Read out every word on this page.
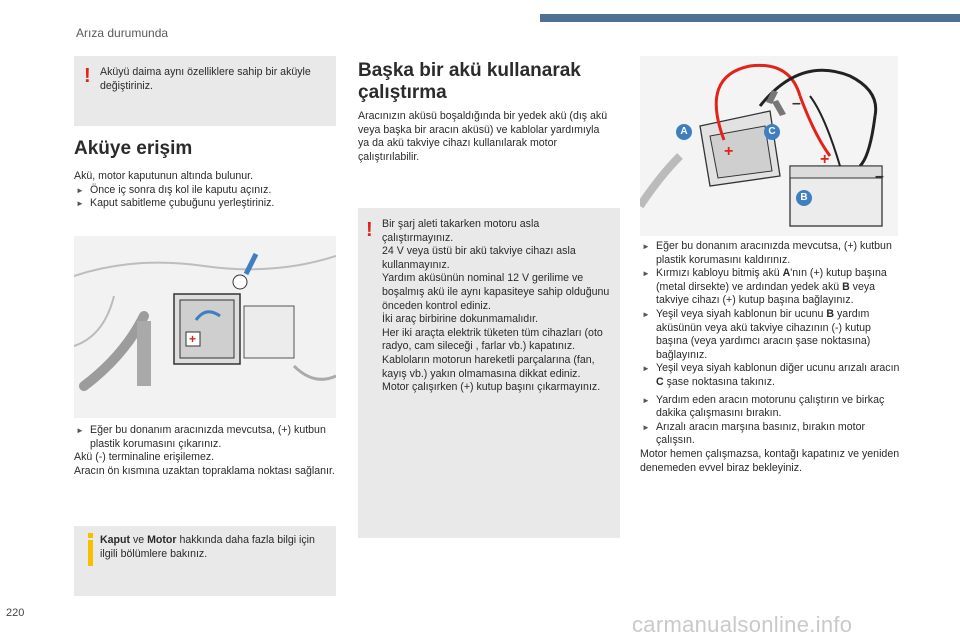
Arıza durumunda
! Aküyü daima aynı özelliklere sahip bir aküyle değiştiriniz.

Aküye erişim

Akü, motor kaputunun altında bulunur.

► Önce iç sonra dış kol ile kaputu açınız.
► Kaput sabitleme çubuğunu yerleştiriniz.
+
► Eğer bu donanım aracınızda mevcutsa, (+) kutbun plastik korumasını çıkarınız.

Akü (-) terminaline erişilemez.

Aracın ön kısmına uzaktan topraklama noktası sağlanır.

Kaput ve Motor hakkında daha fazla bilgi için ilgili bölümlere bakınız.

Başka bir akü kullanarak çalıştırma

Aracınızın aküsü boşaldığında bir yedek akü (dış akü veya başka bir aracın aküsü) ve kablolar yardımıyla ya da akü takviye cihazı kullanılarak motor çalıştırılabilir.

! Bir şarj aleti takarken motoru asla çalıştırmayınız.

24 V veya üstü bir akü takviye cihazı asla kullanmayınız.

Yardım aküsünün nominal 12 V gerilime ve boşalmış akü ile aynı kapasiteye sahip olduğunu önceden kontrol ediniz.

İki araç birbirine dokunmamalıdır.

Her iki araçta elektrik tüketen tüm cihazları (oto radyo, cam sileceği , farlar vb.) kapatınız.

Kabloların motorun hareketli parçalarına (fan, kayış vb.) yakın olmamasına dikkat ediniz.

Motor çalışırken (+) kutup başını çıkarmayınız.

+	+
–
–
A	C
B
► Eğer bu donanım aracınızda mevcutsa, (+) kutbun plastik korumasını kaldırınız.
► Kırmızı kabloyu bitmiş akü A'nın (+) kutup başına (metal dirsekte) ve ardından yedek akü B veya takviye cihazı (+) kutup başına bağlayınız.
► Yeşil veya siyah kablonun bir ucunu B yardım aküsünün veya akü takviye cihazının (-) kutup başına (veya yardımcı aracın şase noktasına) bağlayınız.
► Yeşil veya siyah kablonun diğer ucunu arızalı aracın C şase noktasına takınız.
► Yardım eden aracın motorunu çalıştırın ve birkaç dakika çalışmasını bırakın.
► Arızalı aracın marşına basınız, bırakın motor çalışsın.

Motor hemen çalışmazsa, kontağı kapatınız ve yeniden denemeden evvel biraz bekleyiniz.

220	carmanualsonline.info
